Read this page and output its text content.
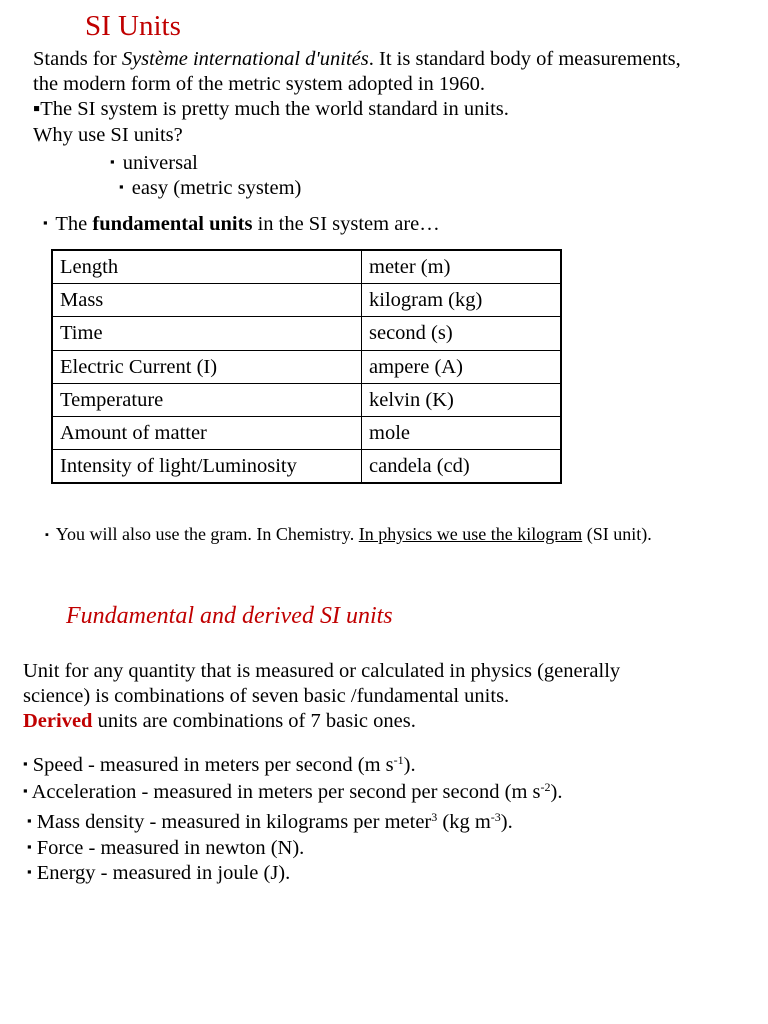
SI Units
Stands for Système international d'unités. It is standard body of measurements,
the modern form of the metric system adopted in 1960.
▪The SI system is pretty much the world standard in units.
Why use SI units?
▪ universal
▪ easy (metric system)
▪ The fundamental units in the SI system are…
Length	meter (m)
Mass	kilogram (kg)
Time	second (s)
Electric Current (I)	ampere (A)
Temperature	kelvin (K)
Amount of matter	mole
Intensity of light/Luminosity	candela (cd)
▪ You will also use the gram. In Chemistry. In physics we use the kilogram (SI unit).
Fundamental and derived SI units
Unit for any quantity that is measured or calculated in physics (generally
science) is combinations of seven basic /fundamental units.
Derived units are combinations of 7 basic ones.
▪ Speed - measured in meters per second (m $s^{-1}$).
▪ Acceleration - measured in meters per second per second (m $s^{-2}$).
▪ Mass density - measured in kilograms per meter$^3$ (kg $m^{-3}$).
▪ Force - measured in newton (N).
▪ Energy - measured in joule (J).
